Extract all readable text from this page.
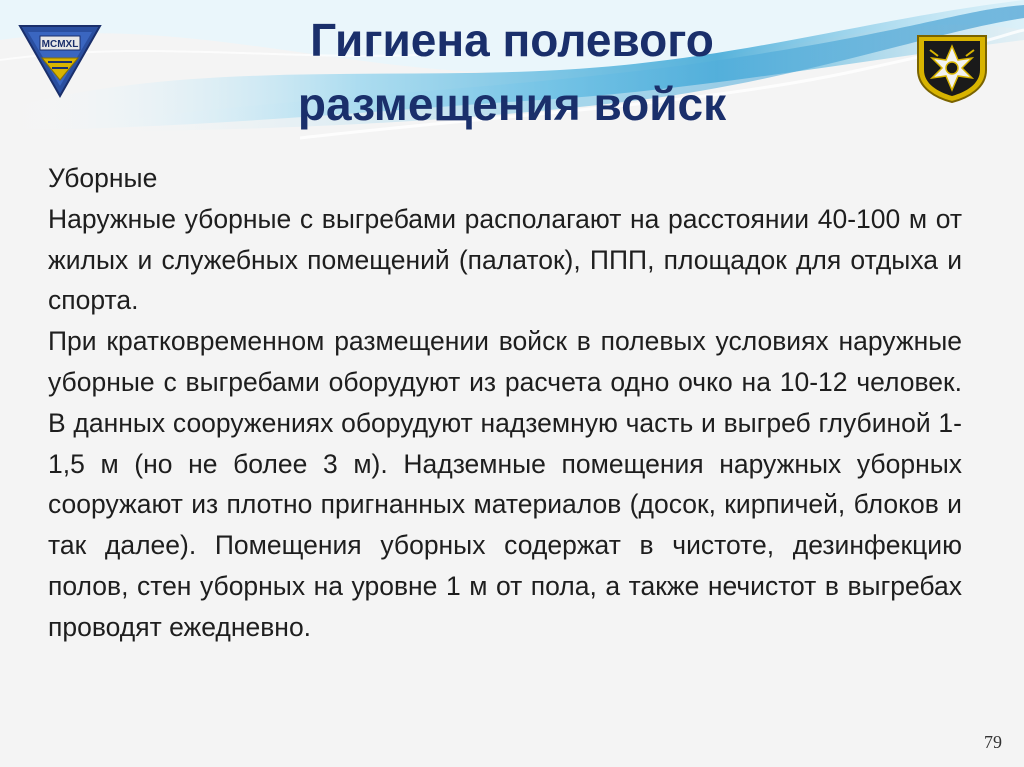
MCMXL	Гигиена полевого
размещения войск

Уборные

Наружные уборные с выгребами располагают на расстоянии 40-100 м от жилых и служебных помещений (палаток), ППП, площадок для отдыха и спорта.

При кратковременном размещении войск в полевых условиях наружные уборные с выгребами оборудуют из расчета одно очко на 10-12 человек. В данных сооружениях оборудуют надземную часть и выгреб глубиной 1-1,5 м (но не более 3 м). Надземные помещения наружных уборных сооружают из плотно пригнанных материалов (досок, кирпичей, блоков и так далее). Помещения уборных содержат в чистоте, дезинфекцию полов, стен уборных на уровне 1 м от пола, а также нечистот в выгребах проводят ежедневно.

79
